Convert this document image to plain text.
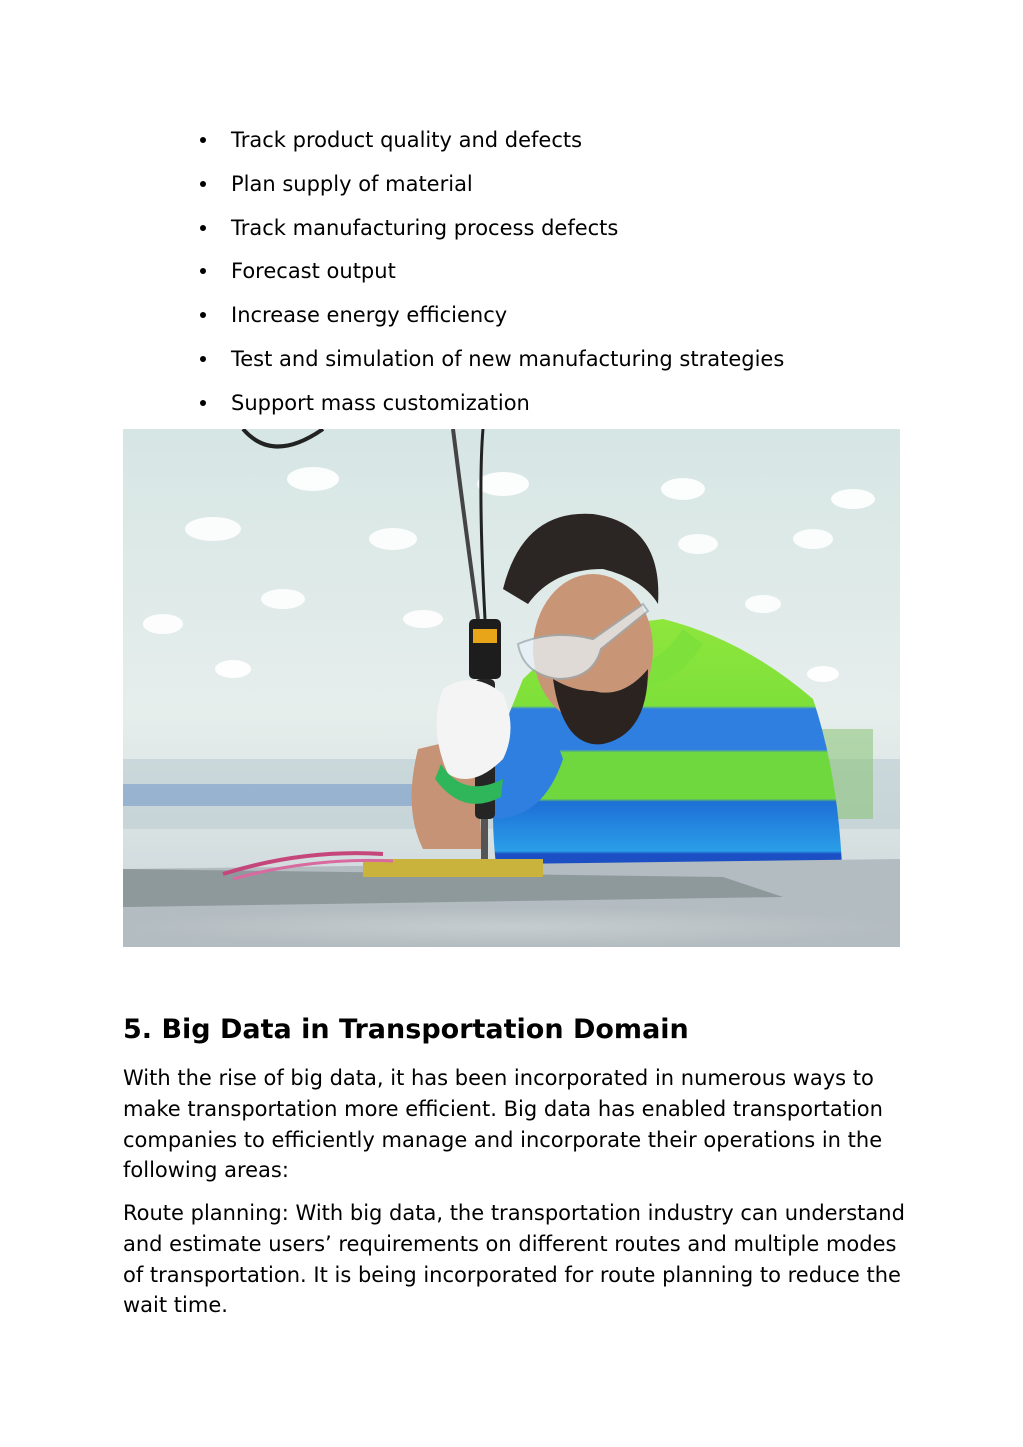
Track product quality and defects
Plan supply of material
Track manufacturing process defects
Forecast output
Increase energy efficiency
Test and simulation of new manufacturing strategies
Support mass customization
5. Big Data in Transportation Domain

With the rise of big data, it has been incorporated in numerous ways to make transportation more efficient. Big data has enabled transportation companies to efficiently manage and incorporate their operations in the following areas:

Route planning: With big data, the transportation industry can understand and estimate users’ requirements on different routes and multiple modes of transportation. It is being incorporated for route planning to reduce the wait time.
